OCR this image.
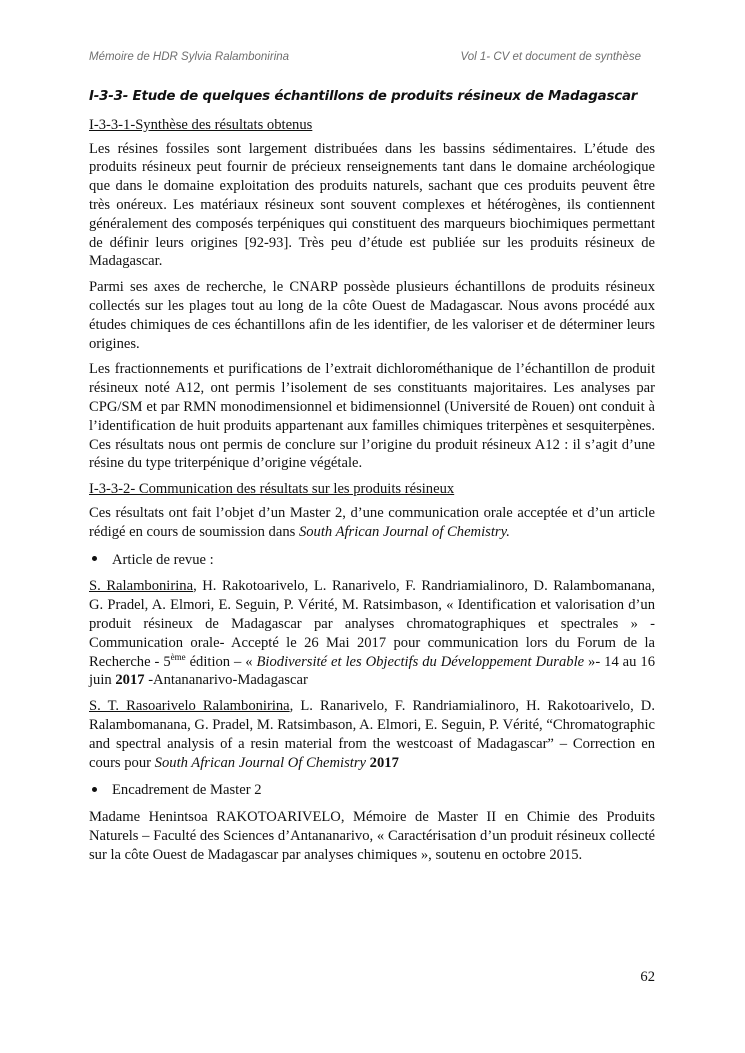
Mémoire de HDR Sylvia Ralambonirina	Vol 1- CV et document de synthèse
I-3-3- Etude de quelques échantillons de produits résineux de Madagascar
I-3-3-1-Synthèse des résultats obtenus

Les résines fossiles sont largement distribuées dans les bassins sédimentaires. L’étude des produits résineux peut fournir de précieux renseignements tant dans le domaine archéologique que dans le domaine exploitation des produits naturels, sachant que ces produits peuvent être très onéreux. Les matériaux résineux sont souvent complexes et hétérogènes, ils contiennent généralement des composés terpéniques qui constituent des marqueurs biochimiques permettant de définir leurs origines [92-93]. Très peu d’étude est publiée sur les produits résineux de Madagascar.

Parmi ses axes de recherche, le CNARP possède plusieurs échantillons de produits résineux collectés sur les plages tout au long de la côte Ouest de Madagascar. Nous avons procédé aux études chimiques de ces échantillons afin de les identifier, de les valoriser et de déterminer leurs origines.

Les fractionnements et purifications de l’extrait dichlorométhanique de l’échantillon de produit résineux noté A12, ont permis l’isolement de ses constituants majoritaires. Les analyses par CPG/SM et par RMN monodimensionnel et bidimensionnel (Université de Rouen) ont conduit à l’identification de huit produits appartenant aux familles chimiques triterpènes et sesquiterpènes. Ces résultats nous ont permis de conclure sur l’origine du produit résineux A12 : il s’agit d’une résine du type triterpénique d’origine végétale.

I-3-3-2- Communication des résultats sur les produits résineux

Ces résultats ont fait l’objet d’un Master 2, d’une communication orale acceptée et d’un article rédigé en cours de soumission dans South African Journal of Chemistry.

Article de revue :

S. Ralambonirina, H. Rakotoarivelo, L. Ranarivelo, F. Randriamialinoro, D. Ralambomanana, G. Pradel, A. Elmori, E. Seguin, P. Vérité, M. Ratsimbason, « Identification et valorisation d’un produit résineux de Madagascar par analyses chromatographiques et spectrales » - Communication orale- Accepté le 26 Mai 2017 pour communication lors du Forum de la Recherche - 5ème édition – « Biodiversité et les Objectifs du Développement Durable »- 14 au 16 juin 2017 -Antananarivo-Madagascar

S. T. Rasoarivelo Ralambonirina, L. Ranarivelo, F. Randriamialinoro, H. Rakotoarivelo, D. Ralambomanana, G. Pradel, M. Ratsimbason, A. Elmori, E. Seguin, P. Vérité, “Chromatographic and spectral analysis of a resin material from the westcoast of Madagascar” – Correction en cours pour South African Journal Of Chemistry 2017

Encadrement de Master 2

Madame Henintsoa RAKOTOARIVELO, Mémoire de Master II en Chimie des Produits Naturels – Faculté des Sciences d’Antananarivo, « Caractérisation d’un produit résineux collecté sur la côte Ouest de Madagascar par analyses chimiques », soutenu en octobre 2015.

62
